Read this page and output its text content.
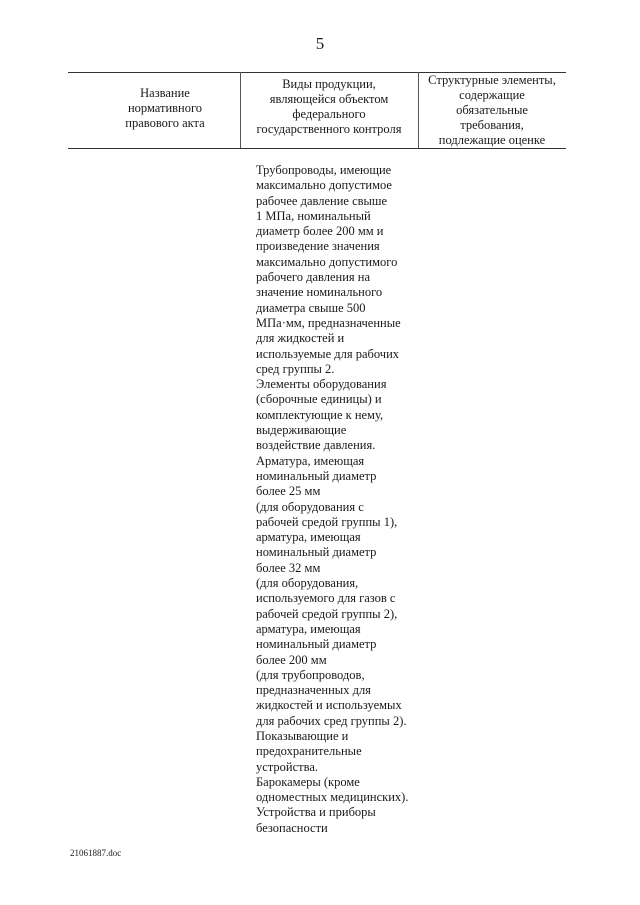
5
Название
нормативного
правового акта
Виды продукции,
являющейся объектом
федерального
государственного контроля
Структурные элементы,
содержащие
обязательные
требования,
подлежащие оценке
Трубопроводы, имеющие
максимально допустимое
рабочее давление свыше
1 МПа, номинальный
диаметр более 200 мм и
произведение значения
максимально допустимого
рабочего давления на
значение номинального
диаметра свыше 500
МПа·мм, предназначенные
для жидкостей и
используемые для рабочих
сред группы 2.
Элементы оборудования
(сборочные единицы) и
комплектующие к нему,
выдерживающие
воздействие давления.
Арматура, имеющая
номинальный диаметр
более 25 мм
(для оборудования с
рабочей средой группы 1),
арматура, имеющая
номинальный диаметр
более 32 мм
(для оборудования,
используемого для газов с
рабочей средой группы 2),
арматура, имеющая
номинальный диаметр
более 200 мм
(для трубопроводов,
предназначенных для
жидкостей и используемых
для рабочих сред группы 2).
Показывающие и
предохранительные
устройства.
Барокамеры (кроме
одноместных медицинских).
Устройства и приборы
безопасности
21061887.doc
